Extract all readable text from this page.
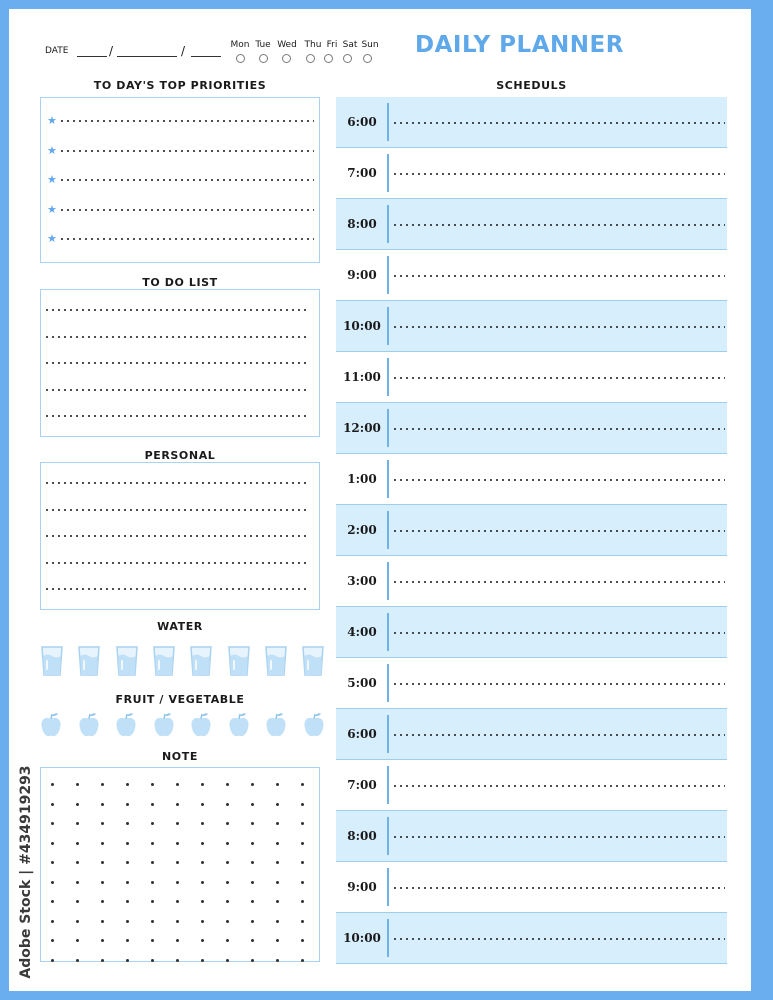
DATE	/	/	Mon Tue Wed Thu Fri Sat Sun DAILY PLANNER
TO DAY'S TOP PRIORITIES
★
★
★
★
★
TO DO LIST
PERSONAL
WATER
FRUIT / VEGETABLE
NOTE
SCHEDULS
6:00
7:00
8:00
9:00
10:00
11:00
12:00
1:00
2:00
3:00
4:00
5:00
6:00
7:00
8:00
9:00
10:00
Adobe Stock | #434919293
